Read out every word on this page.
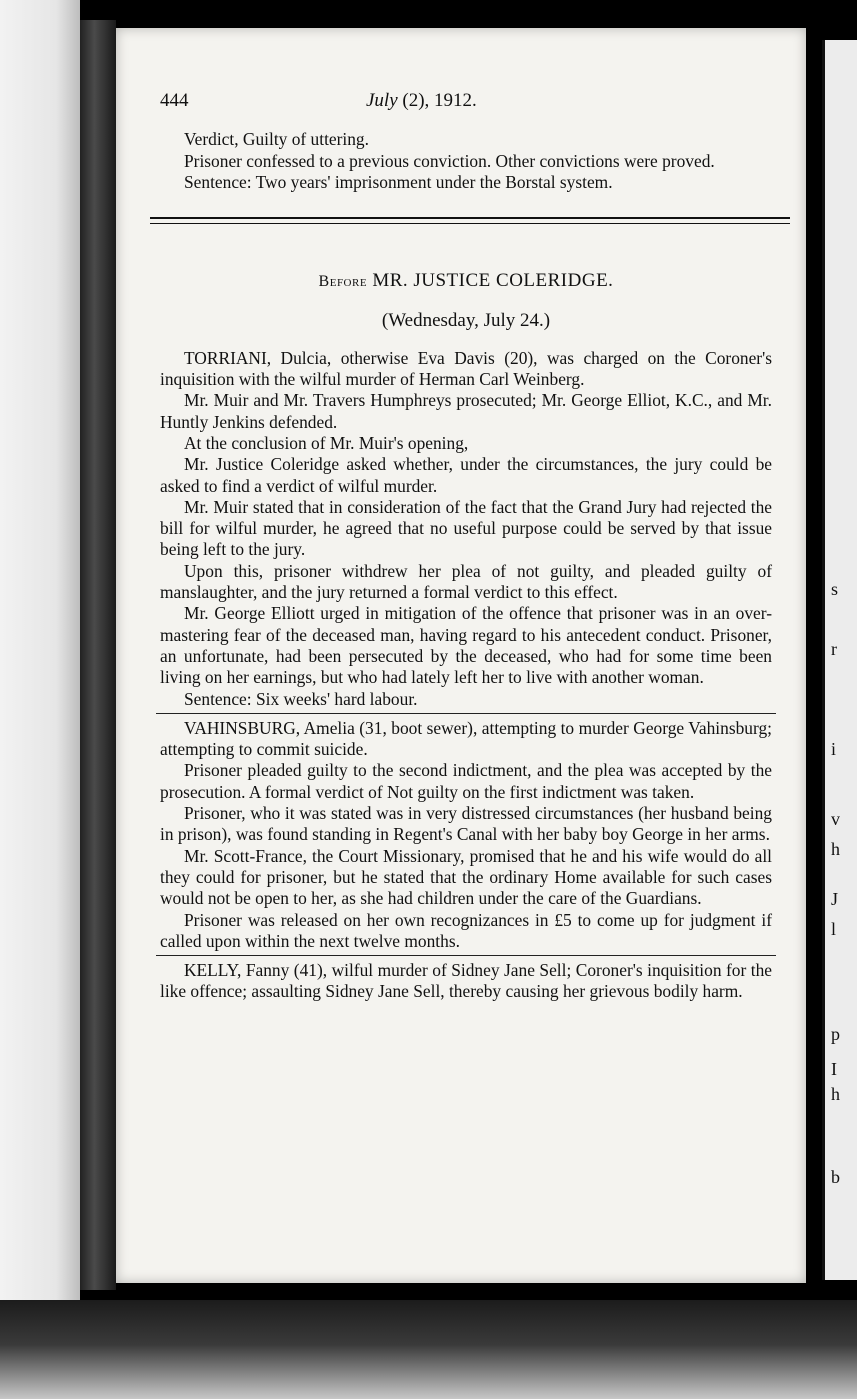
s
r
i
v
h
J
l
p
I
h
b
444	July (2), 1912.

Verdict, Guilty of uttering.

Prisoner confessed to a previous conviction. Other convictions were proved.

Sentence: Two years' imprisonment under the Borstal system.

Before MR. JUSTICE COLERIDGE.
(Wednesday, July 24.)

TORRIANI, Dulcia, otherwise Eva Davis (20), was charged on the Coroner's inquisition with the wilful murder of Herman Carl Weinberg.

Mr. Muir and Mr. Travers Humphreys prosecuted; Mr. George Elliot, K.C., and Mr. Huntly Jenkins defended.

At the conclusion of Mr. Muir's opening,

Mr. Justice Coleridge asked whether, under the circumstances, the jury could be asked to find a verdict of wilful murder.

Mr. Muir stated that in consideration of the fact that the Grand Jury had rejected the bill for wilful murder, he agreed that no useful purpose could be served by that issue being left to the jury.

Upon this, prisoner withdrew her plea of not guilty, and pleaded guilty of manslaughter, and the jury returned a formal verdict to this effect.

Mr. George Elliott urged in mitigation of the offence that prisoner was in an over-mastering fear of the deceased man, having regard to his antecedent conduct. Prisoner, an unfortunate, had been persecuted by the deceased, who had for some time been living on her earnings, but who had lately left her to live with another woman.

Sentence: Six weeks' hard labour.

VAHINSBURG, Amelia (31, boot sewer), attempting to murder George Vahinsburg; attempting to commit suicide.

Prisoner pleaded guilty to the second indictment, and the plea was accepted by the prosecution. A formal verdict of Not guilty on the first indictment was taken.

Prisoner, who it was stated was in very distressed circumstances (her husband being in prison), was found standing in Regent's Canal with her baby boy George in her arms.

Mr. Scott-France, the Court Missionary, promised that he and his wife would do all they could for prisoner, but he stated that the ordinary Home available for such cases would not be open to her, as she had children under the care of the Guardians.

Prisoner was released on her own recognizances in £5 to come up for judgment if called upon within the next twelve months.

KELLY, Fanny (41), wilful murder of Sidney Jane Sell; Coroner's inquisition for the like offence; assaulting Sidney Jane Sell, thereby causing her grievous bodily harm.
